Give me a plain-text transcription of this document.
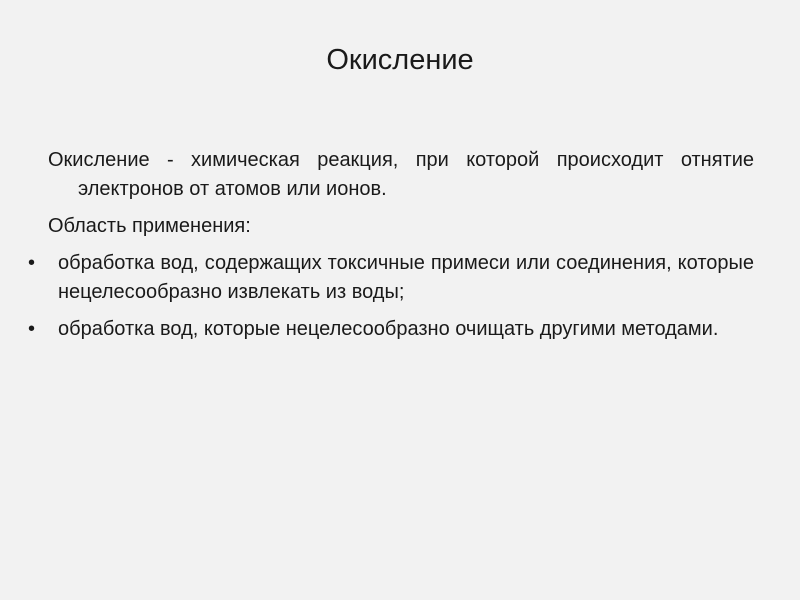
Окисление

Окисление - химическая реакция, при которой происходит отнятие электронов от атомов или ионов.

Область применения:

•	обработка вод, содержащих токсичные примеси или соединения, которые нецелесообразно извлекать из воды;
•	обработка вод, которые нецелесообразно очищать другими методами.
